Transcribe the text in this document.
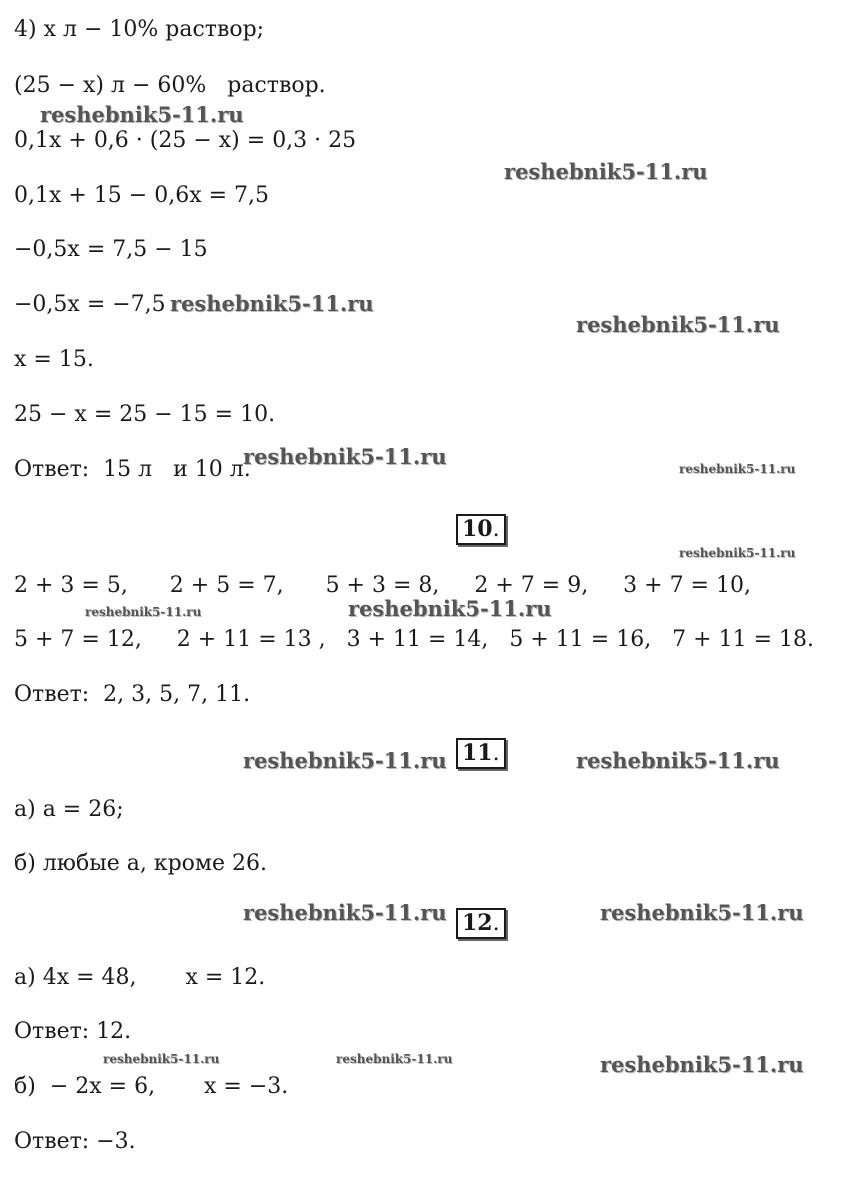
4) x л − 10% раствор;
(25 − x) л − 60%   раствор.
0,1x + 0,6 · (25 − x) = 0,3 · 25
0,1x + 15 − 0,6x = 7,5
−0,5x = 7,5 − 15
−0,5x = −7,5
x = 15.
25 − x = 25 − 15 = 10.
Ответ:  15 л   и 10 л.
10.
2 + 3 = 5,      2 + 5 = 7,      5 + 3 = 8,     2 + 7 = 9,     3 + 7 = 10,
5 + 7 = 12,     2 + 11 = 13 ,   3 + 11 = 14,   5 + 11 = 16,   7 + 11 = 18.
Ответ:  2, 3, 5, 7, 11.
11.
а) a = 26;
б) любые a, кроме 26.
12.
а) 4x = 48,       x = 12.
Ответ: 12.
б)  − 2x = 6,       x = −3.
Ответ: −3.
reshebnik5-11.ru
reshebnik5-11.ru
reshebnik5-11.ru
reshebnik5-11.ru
reshebnik5-11.ru	reshebnik5-11.ru
reshebnik5-11.ru
reshebnik5-11.ru	reshebnik5-11.ru
reshebnik5-11.ru	reshebnik5-11.ru
reshebnik5-11.ru	reshebnik5-11.ru
reshebnik5-11.ru	reshebnik5-11.ru	reshebnik5-11.ru
